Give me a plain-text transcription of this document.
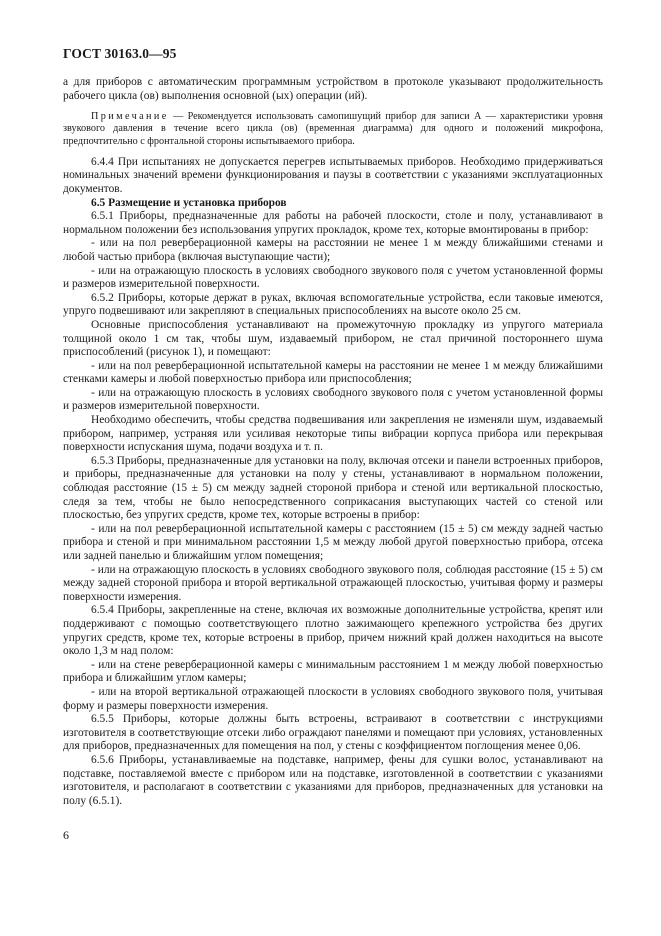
ГОСТ 30163.0—95

а для приборов с автоматическим программным устройством в протоколе указывают продолжительность рабочего цикла (ов) выполнения основной (ых) операции (ий).

Примечание — Рекомендуется использовать самопишущий прибор для записи А — характеристики уровня звукового давления в течение всего цикла (ов) (временная диаграмма) для одного и положений микрофона, предпочтительно с фронтальной стороны испытываемого прибора.

6.4.4 При испытаниях не допускается перегрев испытываемых приборов. Необходимо придерживаться номинальных значений времени функционирования и паузы в соответствии с указаниями эксплуатационных документов.

6.5 Размещение и установка приборов

6.5.1 Приборы, предназначенные для работы на рабочей плоскости, столе и полу, устанавливают в нормальном положении без использования упругих прокладок, кроме тех, которые вмонтированы в прибор:

- или на пол реверберационной камеры на расстоянии не менее 1 м между ближайшими стенами и любой частью прибора (включая выступающие части);

- или на отражающую плоскость в условиях свободного звукового поля с учетом установленной формы и размеров измерительной поверхности.

6.5.2 Приборы, которые держат в руках, включая вспомогательные устройства, если таковые имеются, упруго подвешивают или закрепляют в специальных приспособлениях на высоте около 25 см.

Основные приспособления устанавливают на промежуточную прокладку из упругого материала толщиной около 1 см так, чтобы шум, издаваемый прибором, не стал причиной постороннего шума приспособлений (рисунок 1), и помещают:

- или на пол реверберационной испытательной камеры на расстоянии не менее 1 м между ближайшими стенками камеры и любой поверхностью прибора или приспособления;

- или на отражающую плоскость в условиях свободного звукового поля с учетом установленной формы и размеров измерительной поверхности.

Необходимо обеспечить, чтобы средства подвешивания или закрепления не изменяли шум, издаваемый прибором, например, устраняя или усиливая некоторые типы вибрации корпуса прибора или перекрывая поверхности испускания шума, подачи воздуха и т. п.

6.5.3 Приборы, предназначенные для установки на полу, включая отсеки и панели встроенных приборов, и приборы, предназначенные для установки на полу у стены, устанавливают в нормальном положении, соблюдая расстояние (15 ± 5) см между задней стороной прибора и стеной или вертикальной плоскостью, следя за тем, чтобы не было непосредственного соприкасания выступающих частей со стеной или плоскостью, без упругих средств, кроме тех, которые встроены в прибор:

- или на пол реверберационной испытательной камеры с расстоянием (15 ± 5) см между задней частью прибора и стеной и при минимальном расстоянии 1,5 м между любой другой поверхностью прибора, отсека или задней панелью и ближайшим углом помещения;

- или на отражающую плоскость в условиях свободного звукового поля, соблюдая расстояние (15 ± 5) см между задней стороной прибора и второй вертикальной отражающей плоскостью, учитывая форму и размеры поверхности измерения.

6.5.4 Приборы, закрепленные на стене, включая их возможные дополнительные устройства, крепят или поддерживают с помощью соответствующего плотно зажимающего крепежного устройства без других упругих средств, кроме тех, которые встроены в прибор, причем нижний край должен находиться на высоте около 1,3 м над полом:

- или на стене реверберационной камеры с минимальным расстоянием 1 м между любой поверхностью прибора и ближайшим углом камеры;

- или на второй вертикальной отражающей плоскости в условиях свободного звукового поля, учитывая форму и размеры поверхности измерения.

6.5.5 Приборы, которые должны быть встроены, встраивают в соответствии с инструкциями изготовителя в соответствующие отсеки либо ограждают панелями и помещают при условиях, установленных для приборов, предназначенных для помещения на пол, у стены с коэффициентом поглощения менее 0,06.

6.5.6 Приборы, устанавливаемые на подставке, например, фены для сушки волос, устанавливают на подставке, поставляемой вместе с прибором или на подставке, изготовленной в соответствии с указаниями изготовителя, и располагают в соответствии с указаниями для приборов, предназначенных для установки на полу (6.5.1).

6
